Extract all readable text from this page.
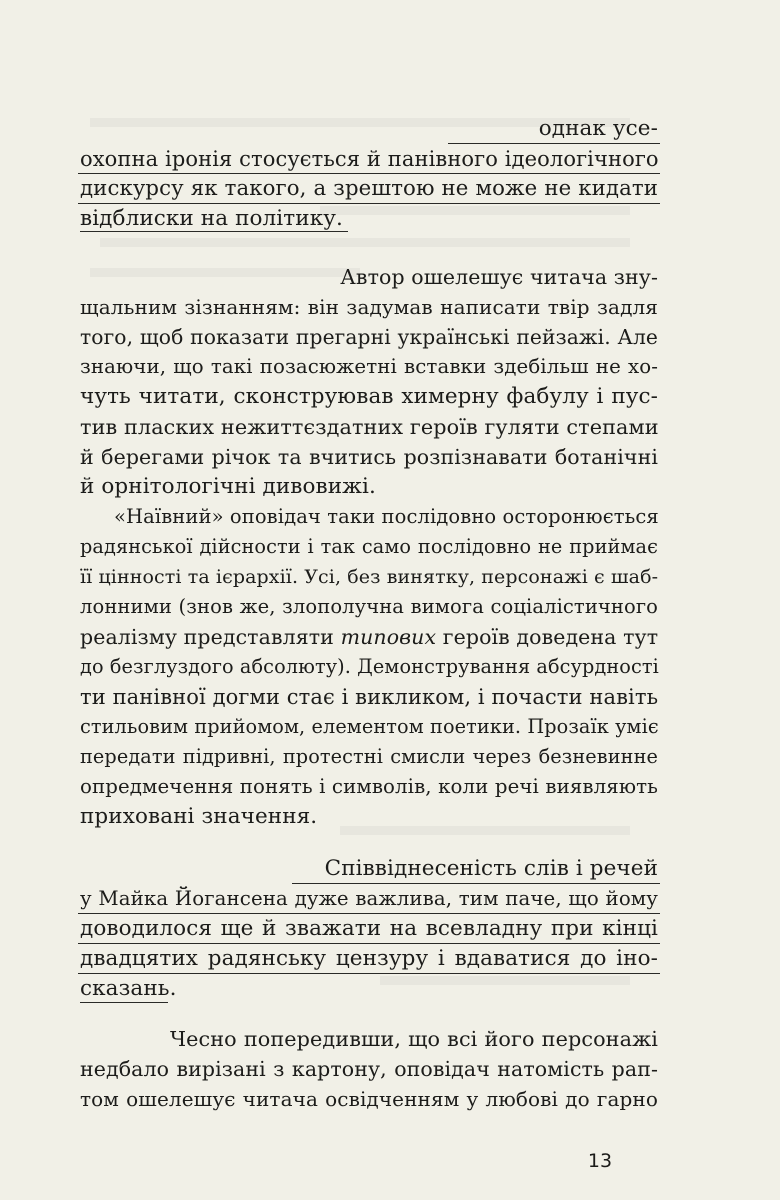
однак усе-
охопна іронія стосується й панівного ідеологічного
дискурсу як такого, а зрештою не може не кидати
відблиски на політику.
Автор ошелешує читача зну-
щальним зізнанням: він задумав написати твір задля
того, щоб показати прегарні українські пейзажі. Але
знаючи, що такі позасюжетні вставки здебільш не хо-
чуть читати, сконструював химерну фабулу і пус-
тив пласких нежиттєздатних героїв гуляти степами
й берегами річок та вчитись розпізнавати ботанічні
й орнітологічні дивовижі.
«Наївний» оповідач таки послідовно осторонюється
радянської дійсности і так само послідовно не приймає
її цінності та ієрархії. Усі, без винятку, персонажі є шаб-
лонними (знов же, злополучна вимога соціалістичного
реалізму представляти типових героїв доведена тут
до безглуздого абсолюту). Демонстрування абсурдності
ти панівної догми стає і викликом, і почасти навіть
стильовим прийомом, елементом поетики. Прозаїк уміє
передати підривні, протестні смисли через безневинне
опредмечення понять і символів, коли речі виявляють
приховані значення.
Співвіднесеність слів і речей
у Майка Йогансена дуже важлива, тим паче, що йому
доводилося ще й зважати на всевладну при кінці
двадцятих радянську цензуру і вдаватися до іно-
сказань.
Чесно попередивши, що всі його персонажі
недбало вирізані з картону, оповідач натомість рап-
том ошелешує читача освідченням у любові до гарно
13
